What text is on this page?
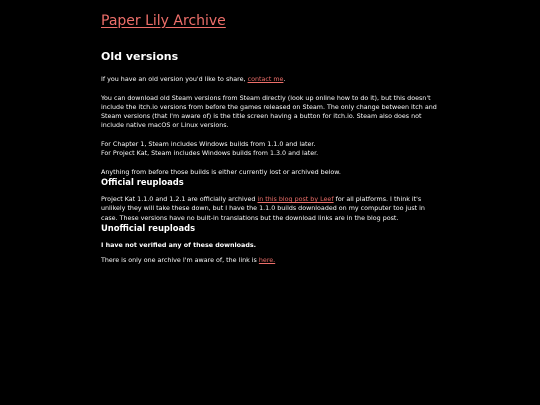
Paper Lily Archive
Old versions

If you have an old version you'd like to share, contact me.

You can download old Steam versions from Steam directly (look up online how to do it), but this doesn't include the itch.io versions from before the games released on Steam. The only change between itch and Steam versions (that I'm aware of) is the title screen having a button for itch.io. Steam also does not include native macOS or Linux versions.

For Chapter 1, Steam includes Windows builds from 1.1.0 and later.
For Project Kat, Steam includes Windows builds from 1.3.0 and later.

Anything from before those builds is either currently lost or archived below.

Official reuploads

Project Kat 1.1.0 and 1.2.1 are officially archived in this blog post by Leef for all platforms. I think it's unlikely they will take these down, but I have the 1.1.0 builds downloaded on my computer too just in case. These versions have no built-in translations but the download links are in the blog post.

Unofficial reuploads

I have not verified any of these downloads.

There is only one archive I'm aware of, the link is here.
